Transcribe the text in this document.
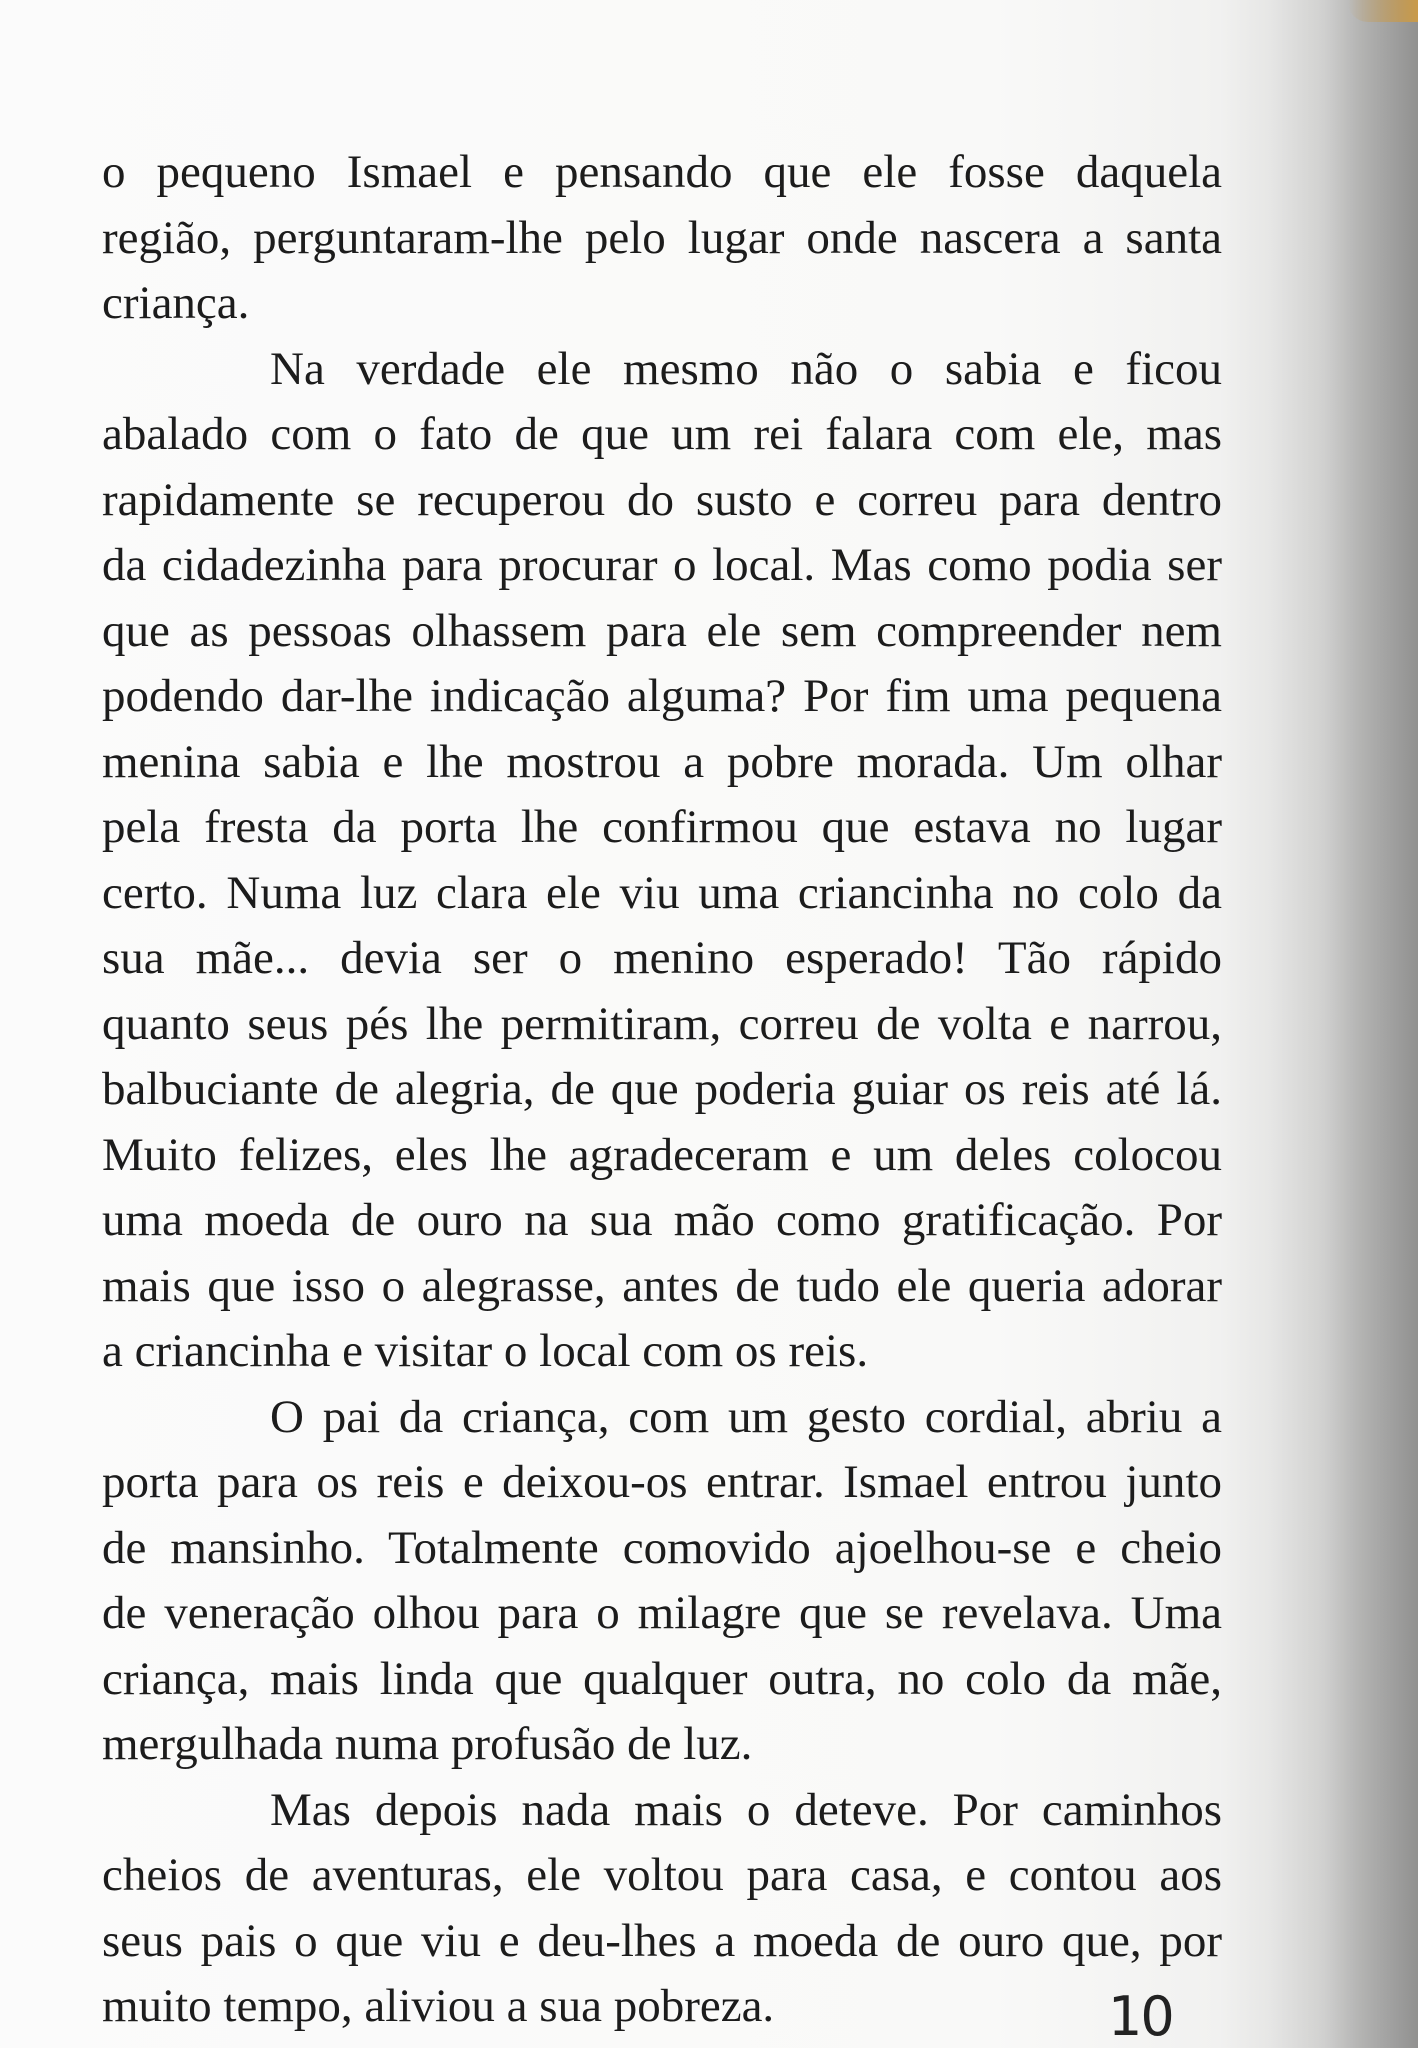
o pequeno Ismael e pensando que ele fosse daquela
região, perguntaram-lhe pelo lugar onde nascera a santa
criança.
Na verdade ele mesmo não o sabia e ficou
abalado com o fato de que um rei falara com ele, mas
rapidamente se recuperou do susto e correu para dentro
da cidadezinha para procurar o local. Mas como podia ser
que as pessoas olhassem para ele sem compreender nem
podendo dar-lhe indicação alguma? Por fim uma pequena
menina sabia e lhe mostrou a pobre morada. Um olhar
pela fresta da porta lhe confirmou que estava no lugar
certo. Numa luz clara ele viu uma criancinha no colo da
sua mãe... devia ser o menino esperado! Tão rápido
quanto seus pés lhe permitiram, correu de volta e narrou,
balbuciante de alegria, de que poderia guiar os reis até lá.
Muito felizes, eles lhe agradeceram e um deles colocou
uma moeda de ouro na sua mão como gratificação. Por
mais que isso o alegrasse, antes de tudo ele queria adorar
a criancinha e visitar o local com os reis.
O pai da criança, com um gesto cordial, abriu a
porta para os reis e deixou-os entrar. Ismael entrou junto
de mansinho. Totalmente comovido ajoelhou-se e cheio
de veneração olhou para o milagre que se revelava. Uma
criança, mais linda que qualquer outra, no colo da mãe,
mergulhada numa profusão de luz.
Mas depois nada mais o deteve. Por caminhos
cheios de aventuras, ele voltou para casa, e contou aos
seus pais o que viu e deu-lhes a moeda de ouro que, por
muito tempo, aliviou a sua pobreza.	10
